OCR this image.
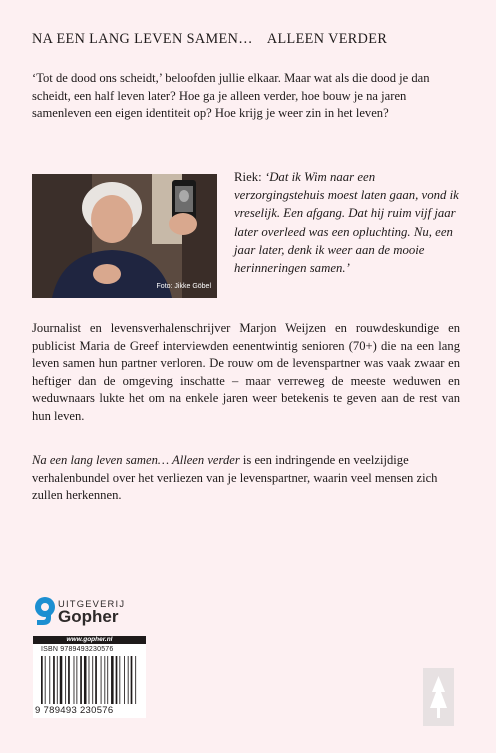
NA EEN LANG LEVEN SAMEN… ALLEEN VERDER

‘Tot de dood ons scheidt,’ beloofden jullie elkaar. Maar wat als die dood je dan scheidt, een half leven later? Hoe ga je alleen verder, hoe bouw je na jaren samenleven een eigen identiteit op? Hoe krijg je weer zin in het leven?

Foto: Jikke Göbel

Riek: ‘Dat ik Wim naar een verzorgingstehuis moest laten gaan, vond ik vreselijk. Een afgang. Dat hij ruim vijf jaar later overleed was een opluchting. Nu, een jaar later, denk ik weer aan de mooie herinneringen samen.’

Journalist en levensverhalenschrijver Marjon Weijzen en rouwdeskundige en publicist Maria de Greef interviewden eenentwintig senioren (70+) die na een lang leven samen hun partner verloren. De rouw om de levenspartner was vaak zwaar en heftiger dan de omgeving inschatte – maar verreweg de meeste weduwen en weduwnaars lukte het om na enkele jaren weer betekenis te geven aan de rest van hun leven.

Na een lang leven samen… Alleen verder is een indringende en veelzijdige verhalenbundel over het verliezen van je levenspartner, waarin veel mensen zich zullen herkennen.

UITGEVERIJ
Gopher
www.gopher.nl
ISBN 9789493230576
9 789493 230576
